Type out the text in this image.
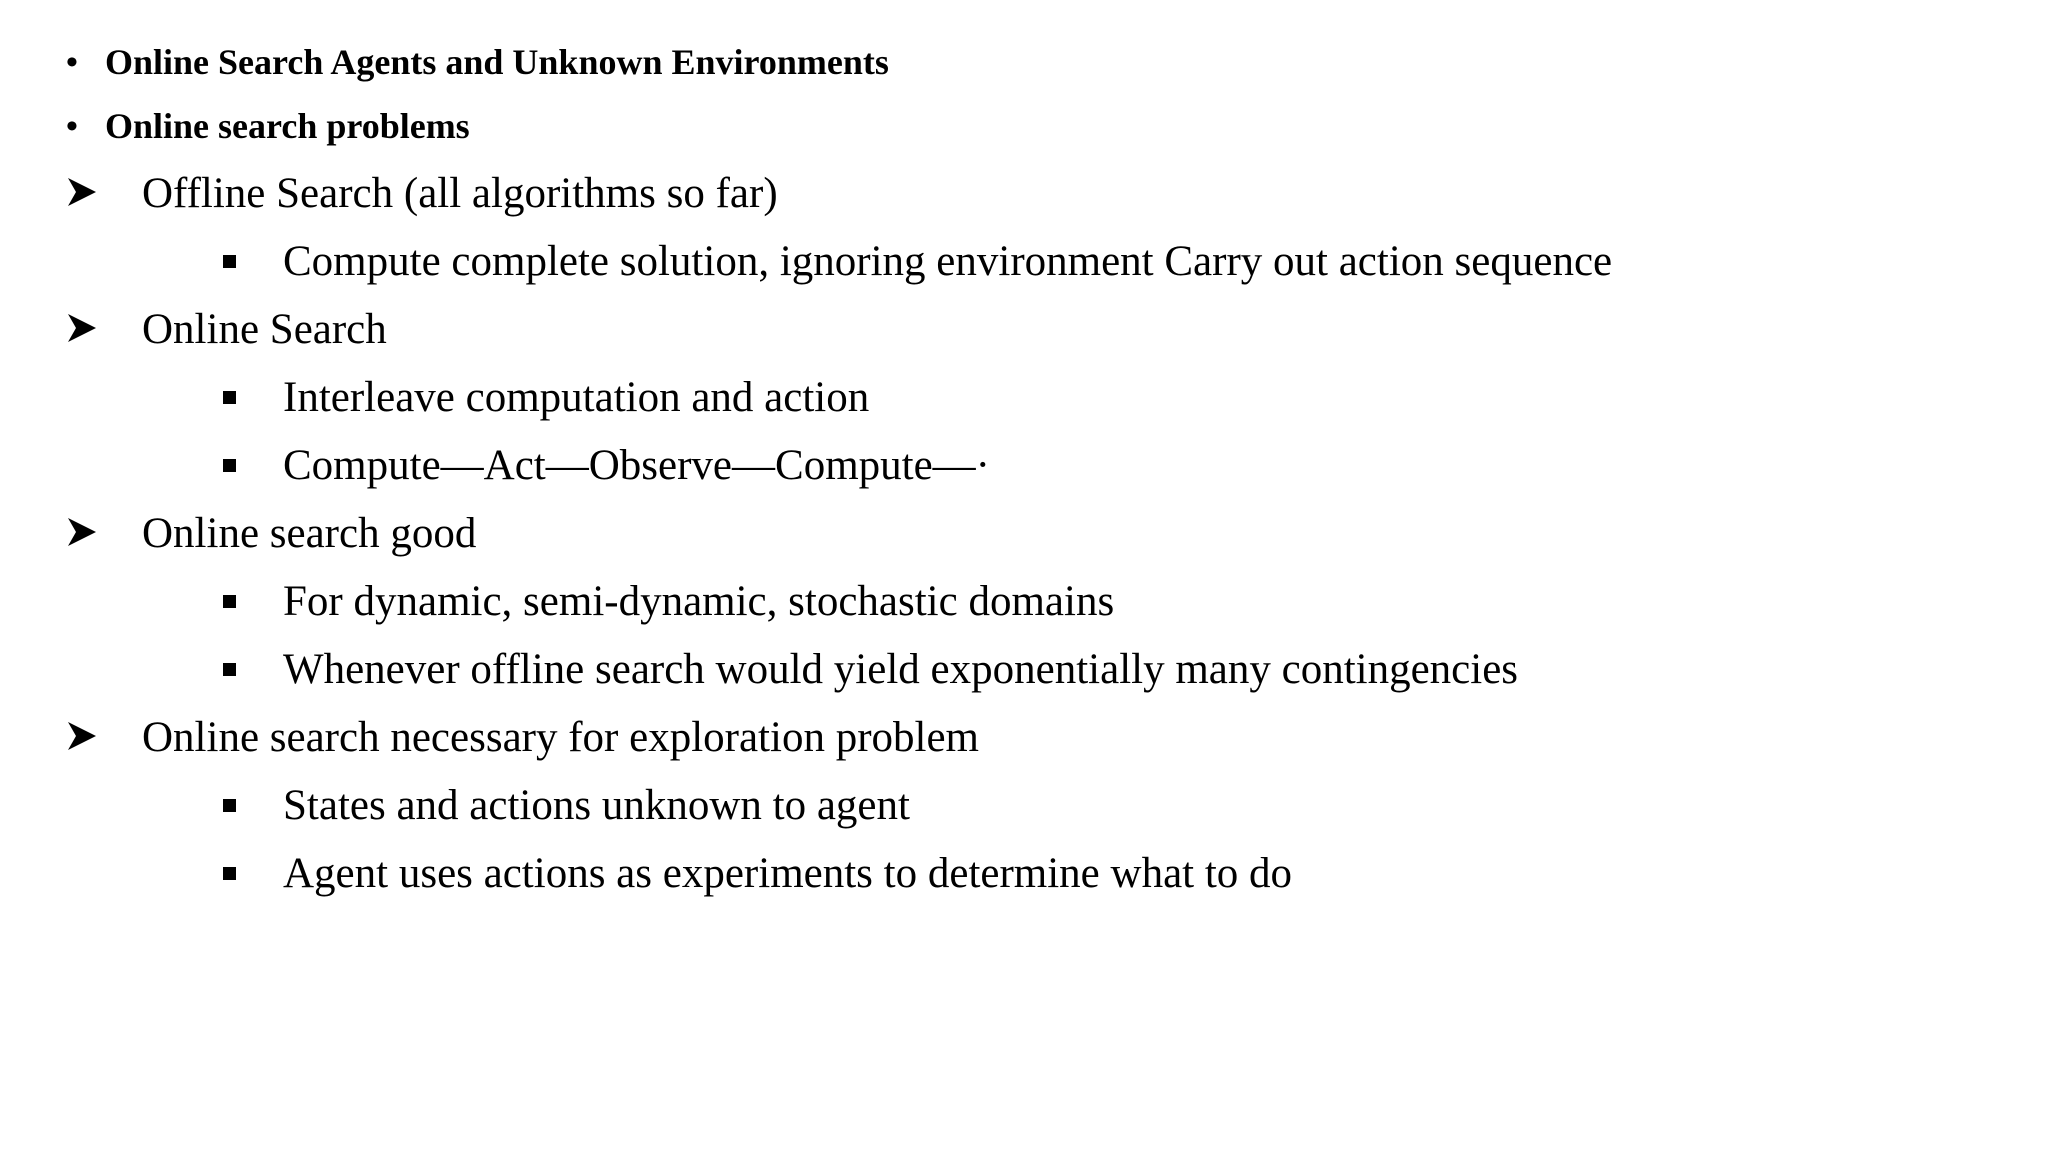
• Online Search Agents and Unknown Environments
• Online search problems
Offline Search (all algorithms so far)
Compute complete solution, ignoring environment Carry out action sequence
Online Search
Interleave computation and action
Compute—Act—Observe—Compute—·
Online search good
For dynamic, semi-dynamic, stochastic domains
Whenever offline search would yield exponentially many contingencies
Online search necessary for exploration problem
States and actions unknown to agent
Agent uses actions as experiments to determine what to do
